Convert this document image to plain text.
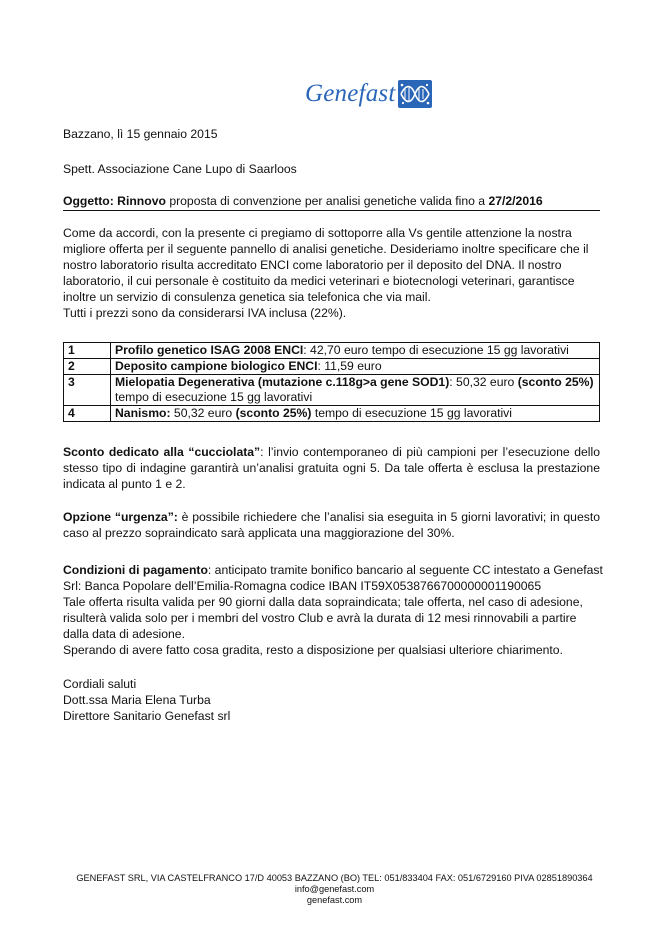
Genefast
Bazzano, lì 15 gennaio 2015
Spett. Associazione Cane Lupo di Saarloos
Oggetto: Rinnovo proposta di convenzione per analisi genetiche valida fino a 27/2/2016
Come da accordi, con la presente ci pregiamo di sottoporre alla Vs gentile attenzione la nostra
migliore offerta per il seguente pannello di analisi genetiche. Desideriamo inoltre specificare che il
nostro laboratorio risulta accreditato ENCI come laboratorio per il deposito del DNA. Il nostro
laboratorio, il cui personale è costituito da medici veterinari e biotecnologi veterinari, garantisce
inoltre un servizio di consulenza genetica sia telefonica che via mail.
Tutti i prezzi sono da considerarsi IVA inclusa (22%).
1	Profilo genetico ISAG 2008 ENCI: 42,70 euro tempo di esecuzione 15 gg lavorativi
2	Deposito campione biologico ENCI: 11,59 euro
3	Mielopatia Degenerativa (mutazione c.118g>a gene SOD1): 50,32 euro (sconto 25%)
tempo di esecuzione 15 gg lavorativi
4	Nanismo: 50,32 euro (sconto 25%) tempo di esecuzione 15 gg lavorativi
Sconto dedicato alla “cucciolata”: l’invio contemporaneo di più campioni per l’esecuzione dello
stesso tipo di indagine garantirà un’analisi gratuita ogni 5. Da tale offerta è esclusa la prestazione
indicata al punto 1 e 2.
Opzione “urgenza”: è possibile richiedere che l’analisi sia eseguita in 5 giorni lavorativi; in questo
caso al prezzo sopraindicato sarà applicata una maggiorazione del 30%.
Condizioni di pagamento: anticipato tramite bonifico bancario al seguente CC intestato a Genefast
Srl: Banca Popolare dell’Emilia-Romagna codice IBAN IT59X0538766700000001190065
Tale offerta risulta valida per 90 giorni dalla data sopraindicata; tale offerta, nel caso di adesione,
risulterà valida solo per i membri del vostro Club e avrà la durata di 12 mesi rinnovabili a partire
dalla data di adesione.
Sperando di avere fatto cosa gradita, resto a disposizione per qualsiasi ulteriore chiarimento.
Cordiali saluti
Dott.ssa Maria Elena Turba
Direttore Sanitario Genefast srl
GENEFAST SRL, VIA CASTELFRANCO 17/D 40053 BAZZANO (BO) TEL: 051/833404 FAX: 051/6729160 PIVA 02851890364
info@genefast.com
genefast.com
